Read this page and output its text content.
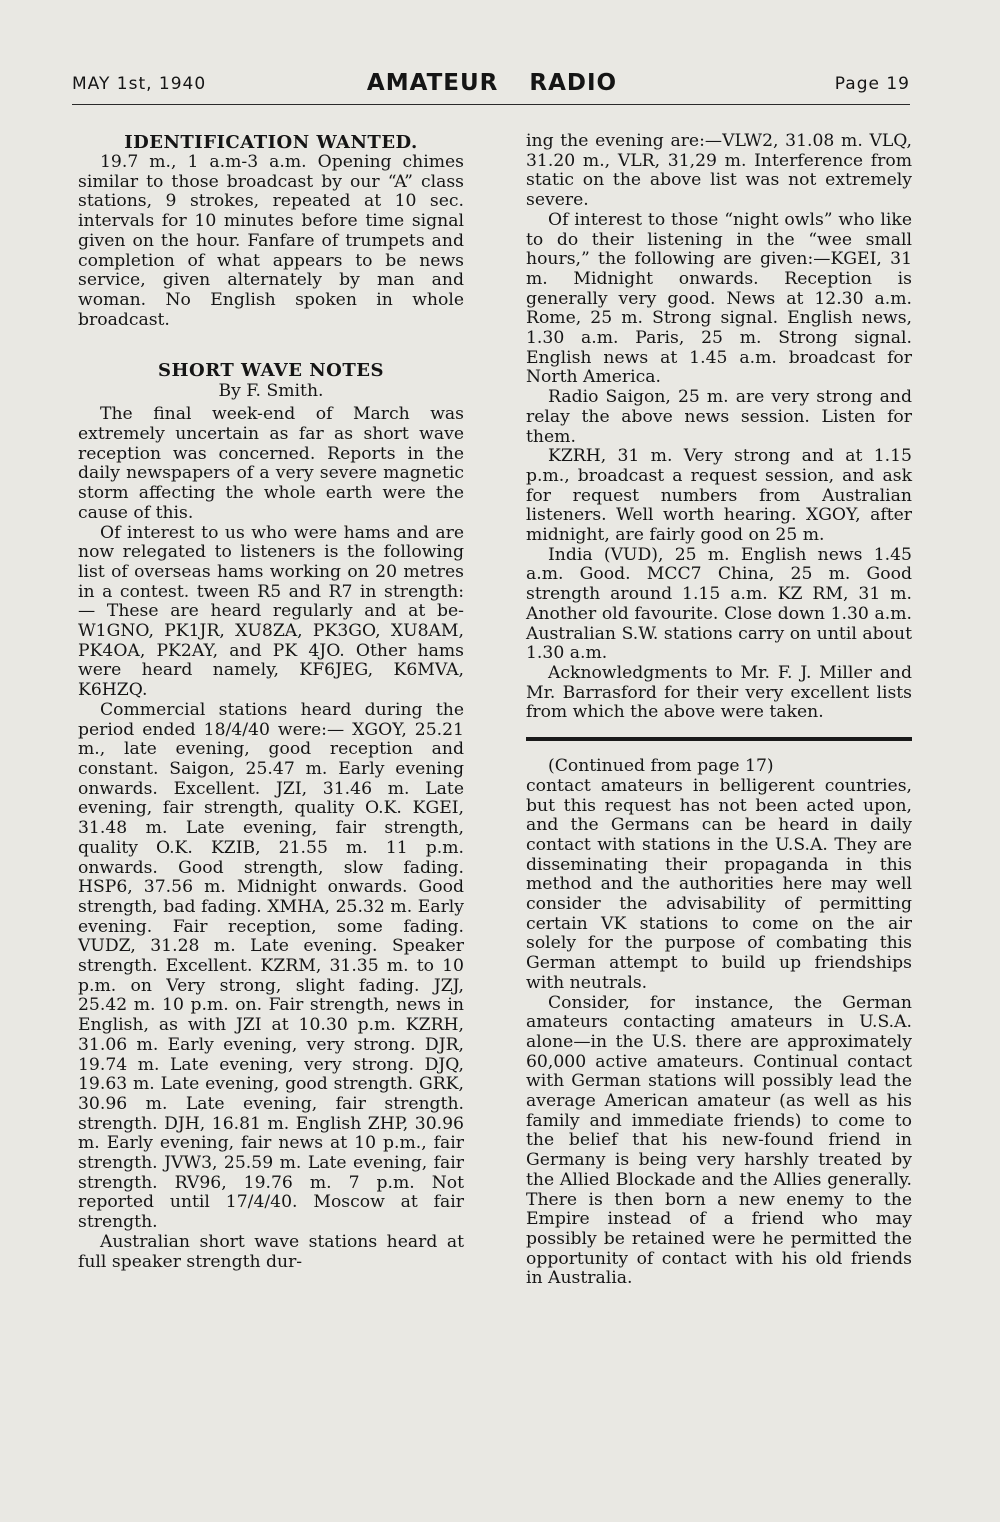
MAY 1st, 1940	AMATEUR RADIO	Page 19
IDENTIFICATION WANTED.

19.7 m., 1 a.m-3 a.m. Opening chimes similar to those broadcast by our “A” class stations, 9 strokes, repeated at 10 sec. intervals for 10 minutes before time signal given on the hour. Fanfare of trumpets and completion of what appears to be news service, given alternately by man and woman. No English spoken in whole broadcast.

SHORT WAVE NOTES
By F. Smith.

The final week-end of March was extremely uncertain as far as short wave reception was concerned. Reports in the daily newspapers of a very severe magnetic storm affecting the whole earth were the cause of this.

Of interest to us who were hams and are now relegated to listeners is the following list of overseas hams working on 20 metres in a contest. tween R5 and R7 in strength:— These are heard regularly and at be-W1GNO, PK1JR, XU8ZA, PK3GO, XU8AM, PK4OA, PK2AY, and PK 4JO. Other hams were heard namely, KF6JEG, K6MVA, K6HZQ.

Commercial stations heard during the period ended 18/4/40 were:— XGOY, 25.21 m., late evening, good reception and constant. Saigon, 25.47 m. Early evening onwards. Excellent. JZI, 31.46 m. Late evening, fair strength, quality O.K. KGEI, 31.48 m. Late evening, fair strength, quality O.K. KZIB, 21.55 m. 11 p.m. onwards. Good strength, slow fading. HSP6, 37.56 m. Midnight onwards. Good strength, bad fading. XMHA, 25.32 m. Early evening. Fair reception, some fading. VUDZ, 31.28 m. Late evening. Speaker strength. Excellent. KZRM, 31.35 m. to 10 p.m. on Very strong, slight fading. JZJ, 25.42 m. 10 p.m. on. Fair strength, news in English, as with JZI at 10.30 p.m. KZRH, 31.06 m. Early evening, very strong. DJR, 19.74 m. Late evening, very strong. DJQ, 19.63 m. Late evening, good strength. GRK, 30.96 m. Late evening, fair strength. strength. DJH, 16.81 m. English ZHP, 30.96 m. Early evening, fair news at 10 p.m., fair strength. JVW3, 25.59 m. Late evening, fair strength. RV96, 19.76 m. 7 p.m. Not reported until 17/4/40. Moscow at fair strength.

Australian short wave stations heard at full speaker strength dur-

ing the evening are:—VLW2, 31.08 m. VLQ, 31.20 m., VLR, 31,29 m. Interference from static on the above list was not extremely severe.

Of interest to those “night owls” who like to do their listening in the “wee small hours,” the following are given:—KGEI, 31 m. Midnight onwards. Reception is generally very good. News at 12.30 a.m. Rome, 25 m. Strong signal. English news, 1.30 a.m. Paris, 25 m. Strong signal. English news at 1.45 a.m. broadcast for North America.

Radio Saigon, 25 m. are very strong and relay the above news session. Listen for them.

KZRH, 31 m. Very strong and at 1.15 p.m., broadcast a request session, and ask for request numbers from Australian listeners. Well worth hearing. XGOY, after midnight, are fairly good on 25 m.

India (VUD), 25 m. English news 1.45 a.m. Good. MCC7 China, 25 m. Good strength around 1.15 a.m. KZ RM, 31 m. Another old favourite. Close down 1.30 a.m. Australian S.W. stations carry on until about 1.30 a.m.

Acknowledgments to Mr. F. J. Miller and Mr. Barrasford for their very excellent lists from which the above were taken.

(Continued from page 17)

contact amateurs in belligerent countries, but this request has not been acted upon, and the Germans can be heard in daily contact with stations in the U.S.A. They are disseminating their propaganda in this method and the authorities here may well consider the advisability of permitting certain VK stations to come on the air solely for the purpose of combating this German attempt to build up friendships with neutrals.

Consider, for instance, the German amateurs contacting amateurs in U.S.A. alone—in the U.S. there are approximately 60,000 active amateurs. Continual contact with German stations will possibly lead the average American amateur (as well as his family and immediate friends) to come to the belief that his new-found friend in Germany is being very harshly treated by the Allied Blockade and the Allies generally. There is then born a new enemy to the Empire instead of a friend who may possibly be retained were he permitted the opportunity of contact with his old friends in Australia.
